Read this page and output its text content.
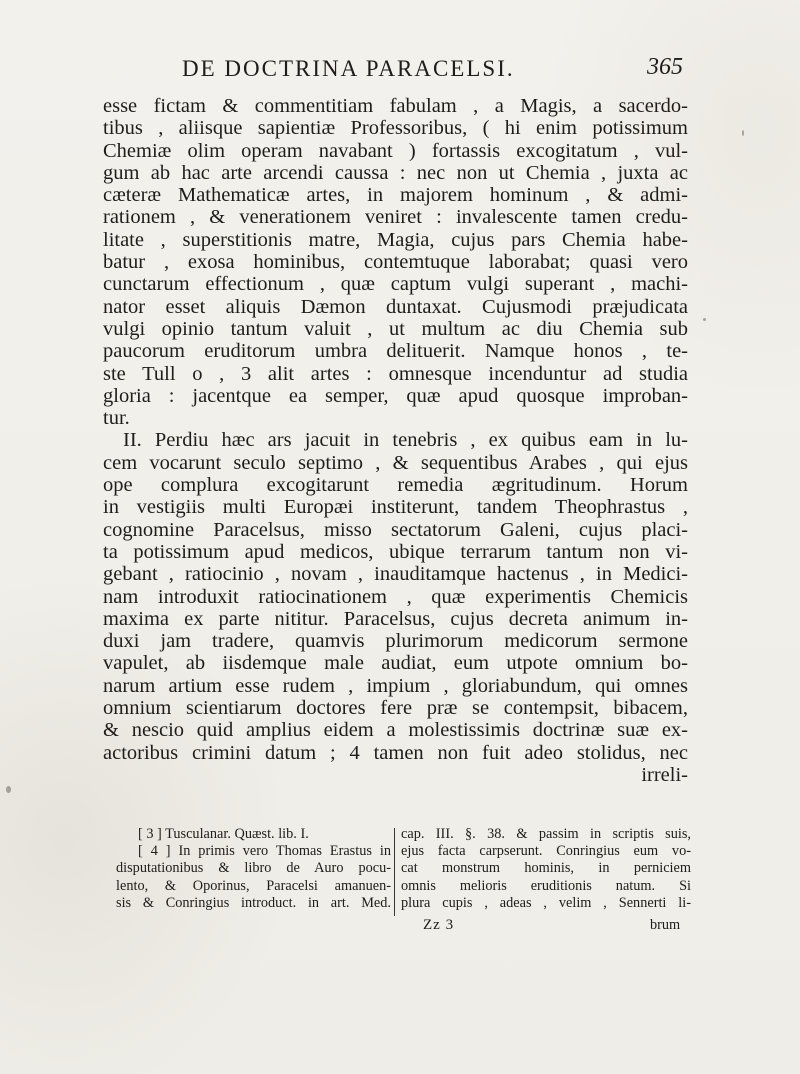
DE DOCTRINA PARACELSI.	365
esse fictam & commentitiam fabulam , a Magis, a sacerdo-
tibus , aliisque sapientiæ Professoribus, ( hi enim potissimum
Chemiæ olim operam navabant ) fortassis excogitatum , vul-
gum ab hac arte arcendi caussa : nec non ut Chemia , juxta ac
cæteræ Mathematicæ artes, in majorem hominum , & admi-
rationem , & venerationem veniret : invalescente tamen credu-
litate , superstitionis matre, Magia, cujus pars Chemia habe-
batur , exosa hominibus, contemtuque laborabat; quasi vero
cunctarum effectionum , quæ captum vulgi superant , machi-
nator esset aliquis Dæmon duntaxat. Cujusmodi præjudicata
vulgi opinio tantum valuit , ut multum ac diu Chemia sub
paucorum eruditorum umbra delituerit. Namque honos , te-
ste Tull o , 3 alit artes : omnesque incenduntur ad studia
gloria : jacentque ea semper, quæ apud quosque improban-
tur.
II. Perdiu hæc ars jacuit in tenebris , ex quibus eam in lu-
cem vocarunt seculo septimo , & sequentibus Arabes , qui ejus
ope complura excogitarunt remedia ægritudinum. Horum
in vestigiis multi Europæi institerunt, tandem Theophrastus ,
cognomine Paracelsus, misso sectatorum Galeni, cujus placi-
ta potissimum apud medicos, ubique terrarum tantum non vi-
gebant , ratiocinio , novam , inauditamque hactenus , in Medici-
nam introduxit ratiocinationem , quæ experimentis Chemicis
maxima ex parte nititur. Paracelsus, cujus decreta animum in-
duxi jam tradere, quamvis plurimorum medicorum sermone
vapulet, ab iisdemque male audiat, eum utpote omnium bo-
narum artium esse rudem , impium , gloriabundum, qui omnes
omnium scientiarum doctores fere præ se contempsit, bibacem,
& nescio quid amplius eidem a molestissimis doctrinæ suæ ex-
actoribus crimini datum ; 4 tamen non fuit adeo stolidus, nec
irreli-
[ 3 ] Tusculanar. Quæst. lib. I.
[ 4 ] In primis vero Thomas Erastus in
disputationibus & libro de Auro pocu-
lento, & Oporinus, Paracelsi amanuen-
sis & Conringius introduct. in art. Med.
cap. III. §. 38. & passim in scriptis suis,
ejus facta carpserunt. Conringius eum vo-
cat monstrum hominis, in perniciem
omnis melioris eruditionis natum. Si
plura cupis , adeas , velim , Sennerti li-
Zz 3	brum
